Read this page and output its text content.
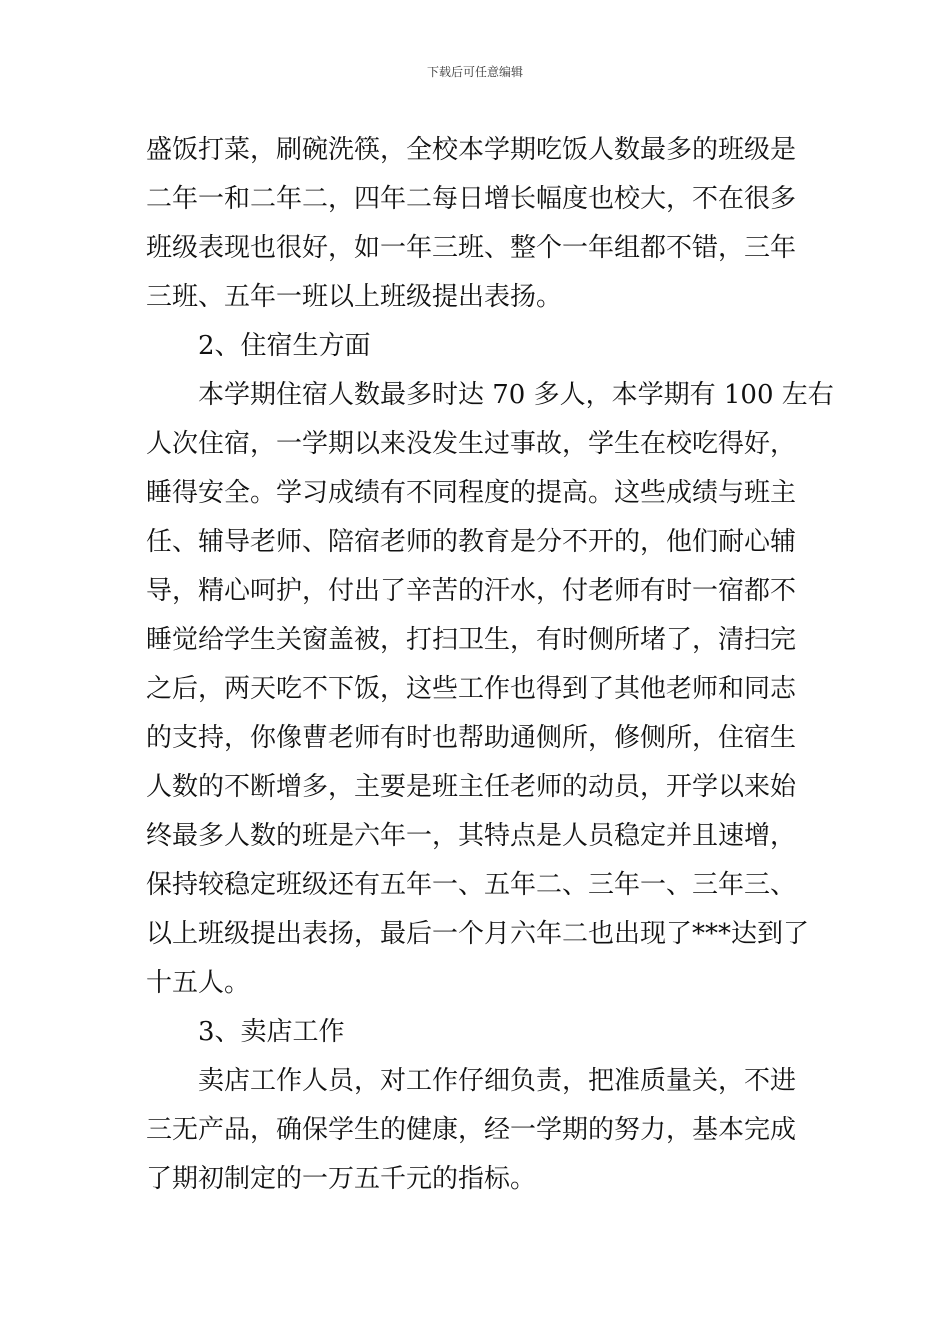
下载后可任意编辑
盛饭打菜，刷碗洗筷，全校本学期吃饭人数最多的班级是
二年一和二年二，四年二每日增长幅度也校大，不在很多
班级表现也很好，如一年三班、整个一年组都不错，三年
三班、五年一班以上班级提出表扬。
2、住宿生方面
本学期住宿人数最多时达 70 多人，本学期有 100 左右
人次住宿，一学期以来没发生过事故，学生在校吃得好，
睡得安全。学习成绩有不同程度的提高。这些成绩与班主
任、辅导老师、陪宿老师的教育是分不开的，他们耐心辅
导，精心呵护，付出了辛苦的汗水，付老师有时一宿都不
睡觉给学生关窗盖被，打扫卫生，有时侧所堵了，清扫完
之后，两天吃不下饭，这些工作也得到了其他老师和同志
的支持，你像曹老师有时也帮助通侧所，修侧所，住宿生
人数的不断增多，主要是班主任老师的动员，开学以来始
终最多人数的班是六年一，其特点是人员稳定并且速增，
保持较稳定班级还有五年一、五年二、三年一、三年三、
以上班级提出表扬，最后一个月六年二也出现了***达到了
十五人。
3、卖店工作
卖店工作人员，对工作仔细负责，把准质量关，不进
三无产品，确保学生的健康，经一学期的努力，基本完成
了期初制定的一万五千元的指标。
